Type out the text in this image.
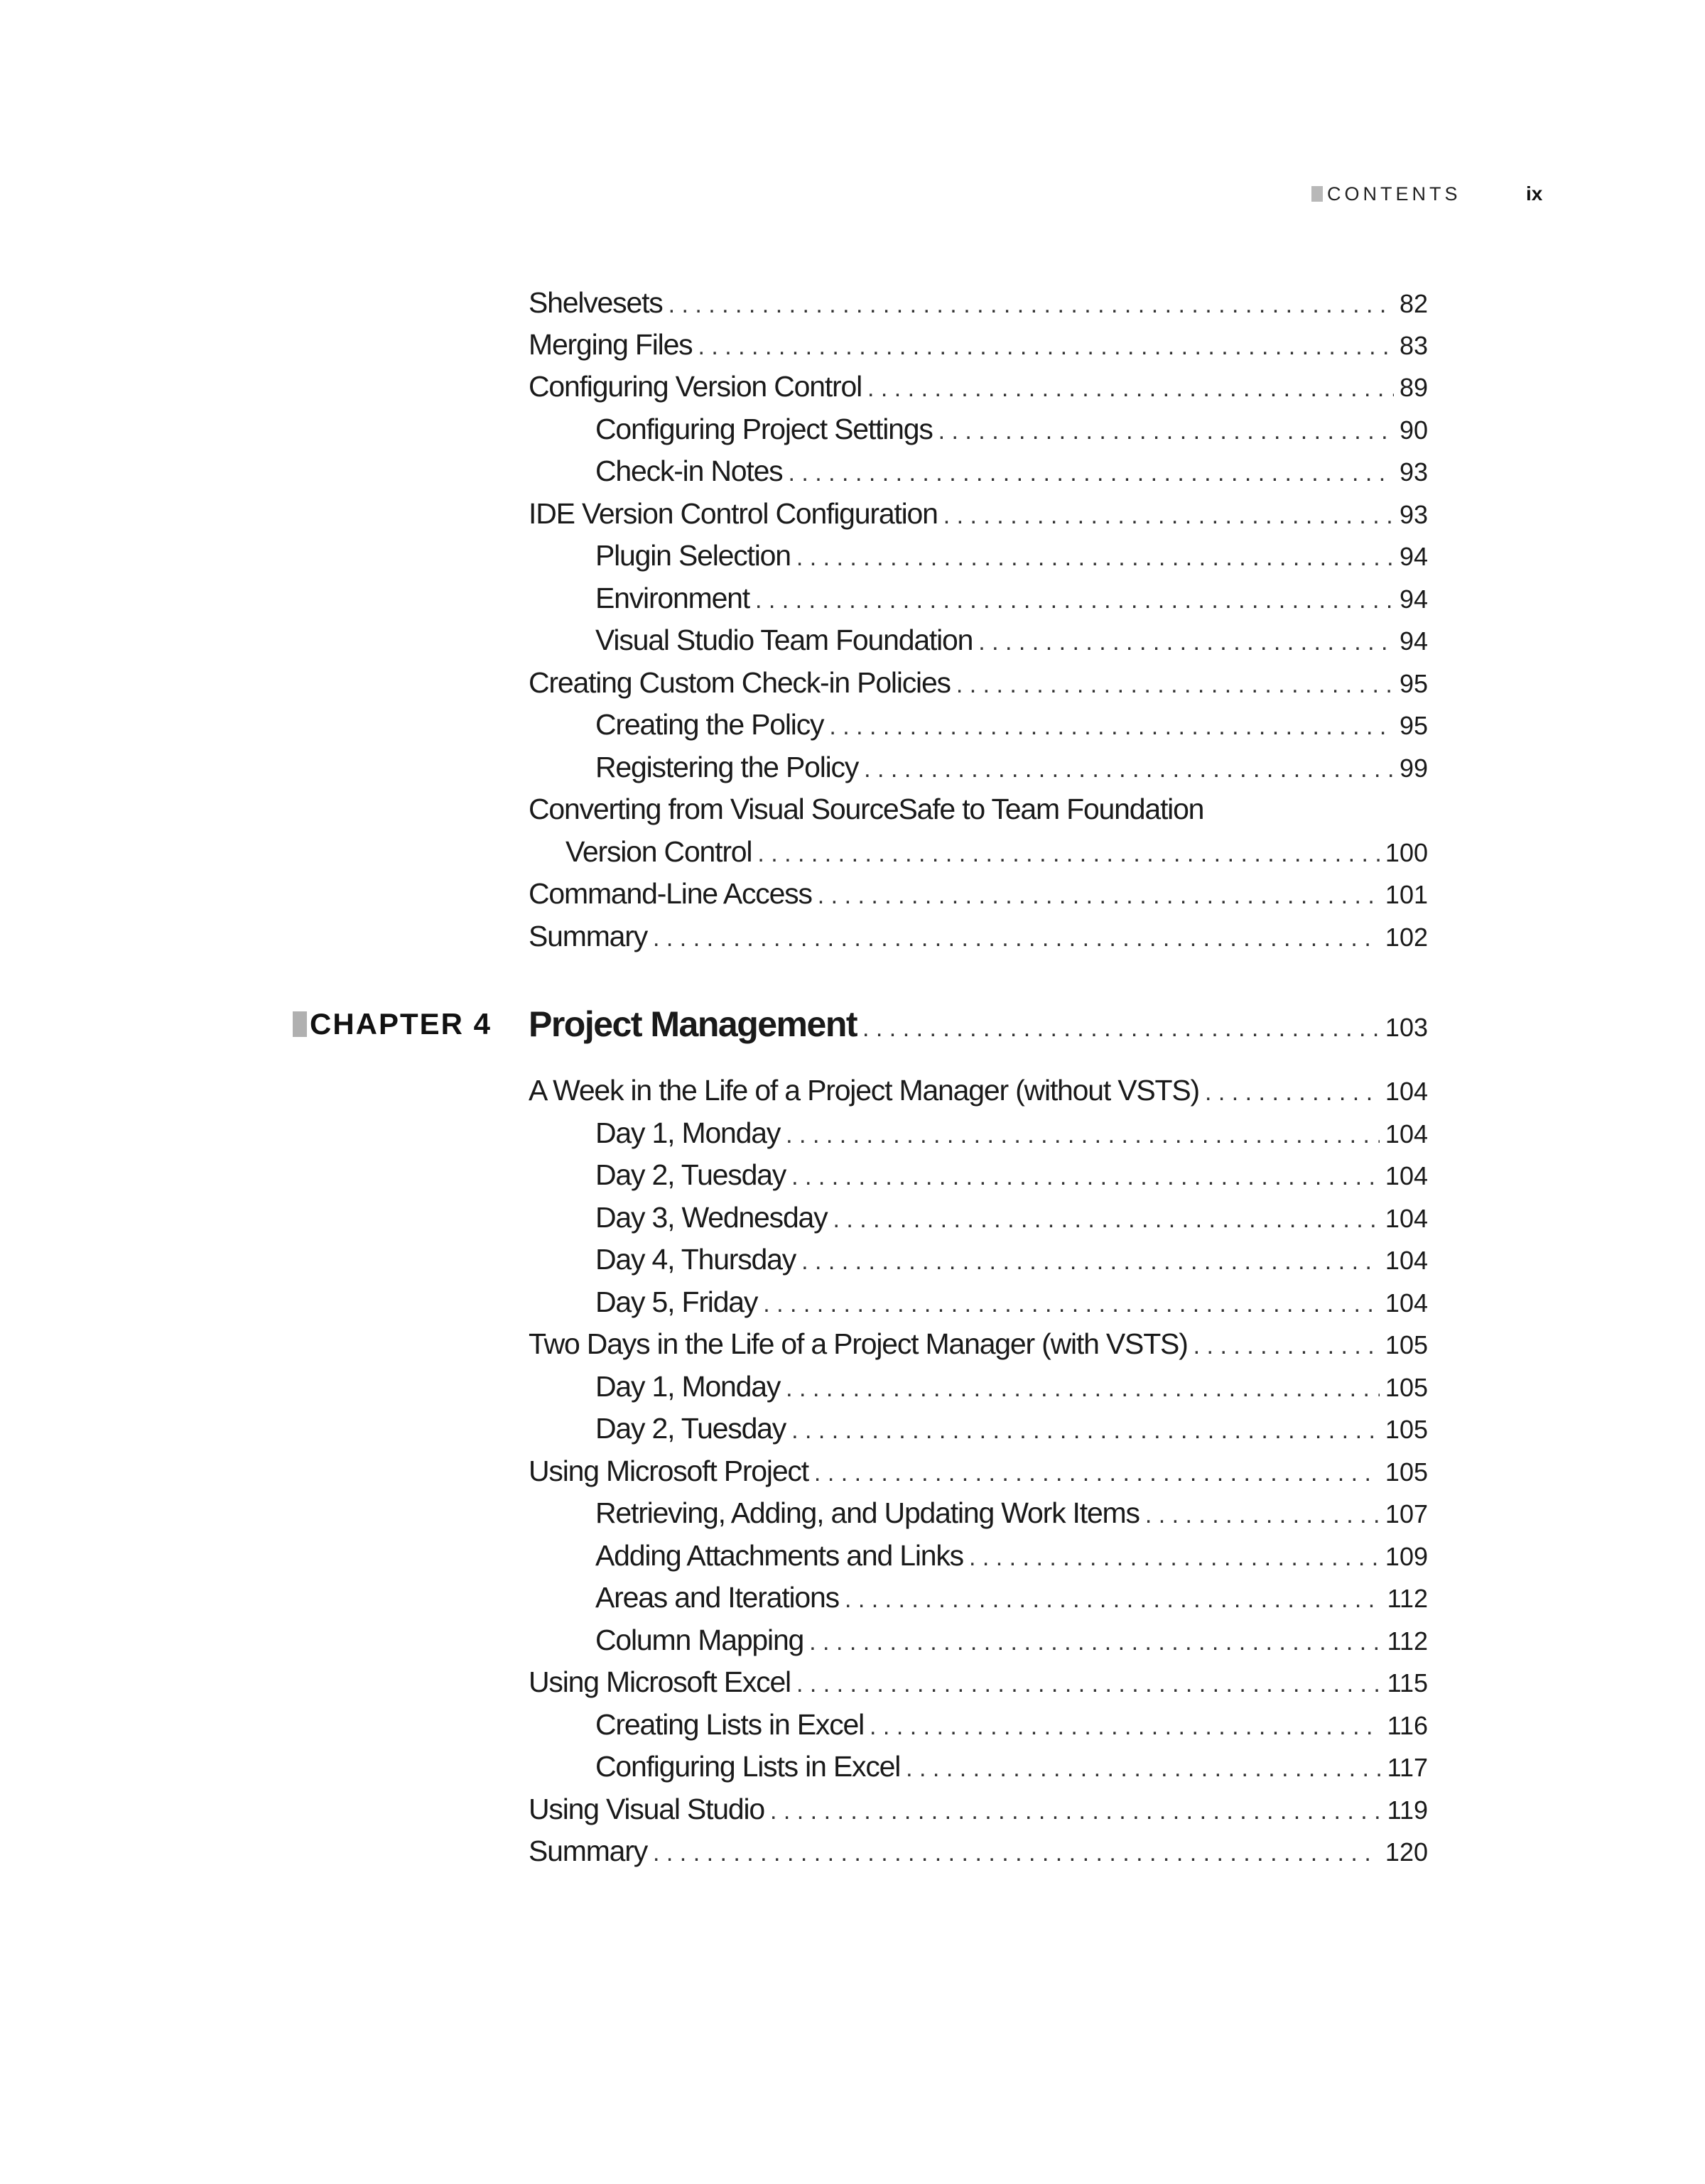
CONTENTS	ix
CHAPTER 4
Shelvesets . . .	82
Merging Files . . .	83
Configuring Version Control . . .	89
Configuring Project Settings . . .	90
Check-in Notes . . .	93
IDE Version Control Configuration . . .	93
Plugin Selection . . .	94
Environment . . .	94
Visual Studio Team Foundation . . .	94
Creating Custom Check-in Policies . . .	95
Creating the Policy . . .	95
Registering the Policy . . .	99
Converting from Visual SourceSafe to Team Foundation
Version Control . . .	100
Command-Line Access . . .	101
Summary . . .	102
Project Management . . .	103
A Week in the Life of a Project Manager (without VSTS) . . .	104
Day 1, Monday . . .	104
Day 2, Tuesday . . .	104
Day 3, Wednesday . . .	104
Day 4, Thursday . . .	104
Day 5, Friday . . .	104
Two Days in the Life of a Project Manager (with VSTS) . . .	105
Day 1, Monday . . .	105
Day 2, Tuesday . . .	105
Using Microsoft Project . . .	105
Retrieving, Adding, and Updating Work Items . . .	107
Adding Attachments and Links . . .	109
Areas and Iterations . . .	112
Column Mapping . . .	112
Using Microsoft Excel . . .	115
Creating Lists in Excel . . .	116
Configuring Lists in Excel . . .	117
Using Visual Studio . . .	119
Summary . . .	120
